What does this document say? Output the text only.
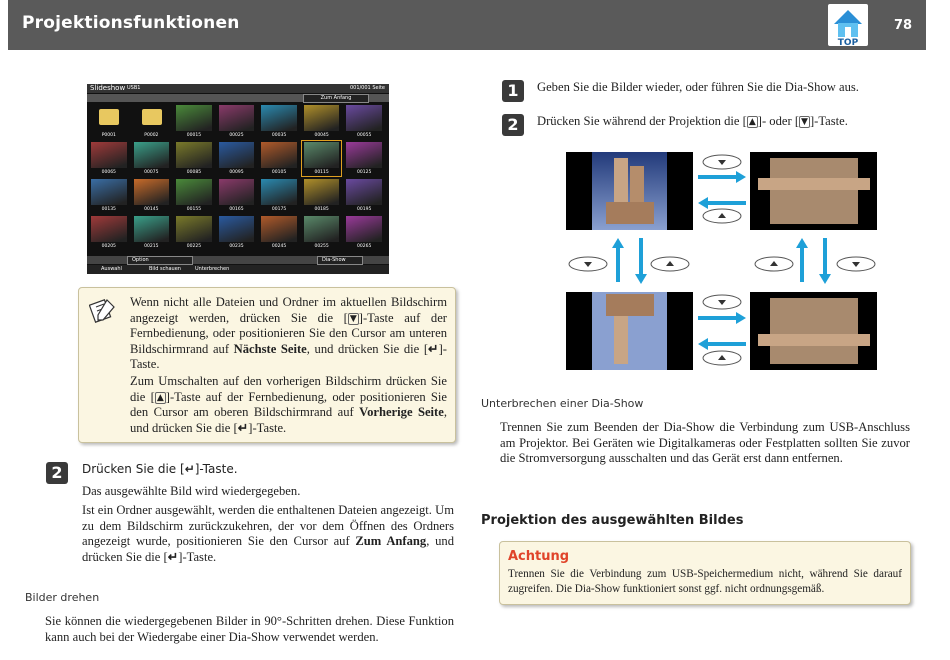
Projektionsfunktionen
TOP
78
Slideshow USB1	001/001 Seite
Zum Anfang
P0001	P0002	00015	00025	00035	00045	00055
00065	00075	00085	00095	00105	00115	00125
00135	00145	00155	00165	00175	00185	00195
00205	00215	00225	00235	00245	00255	00265
Option	Dia-Show
Auswahl	Bild schauen	Unterbrechen
Wenn nicht alle Dateien und Ordner im aktuellen Bildschirm angezeigt werden, drücken Sie die [ ▼ ]-Taste auf der Fernbedienung, oder positionieren Sie den Cursor am unteren Bildschirmrand auf Nächste Seite, und drücken Sie die [↵]-Taste.
Zum Umschalten auf den vorherigen Bildschirm drücken Sie die [ ▲ ]-Taste auf der Fernbedienung, oder positionieren Sie den Cursor am oberen Bildschirmrand auf Vorherige Seite, und drücken Sie die [↵]-Taste.
2	Drücken Sie die [↵]-Taste.
Das ausgewählte Bild wird wiedergegeben.
Ist ein Ordner ausgewählt, werden die enthaltenen Dateien angezeigt. Um zu dem Bildschirm zurückzukehren, der vor dem Öffnen des Ordners angezeigt wurde, positionieren Sie den Cursor auf Zum Anfang, und drücken Sie die [↵]-Taste.
Bilder drehen
Sie können die wiedergegebenen Bilder in 90°-Schritten drehen. Diese Funktion kann auch bei der Wiedergabe einer Dia-Show verwendet werden.
1	Geben Sie die Bilder wieder, oder führen Sie die Dia-Show aus.
2	Drücken Sie während der Projektion die [ ▲ ]- oder [ ▼ ]-Taste.
Unterbrechen einer Dia-Show
Trennen Sie zum Beenden der Dia-Show die Verbindung zum USB-Anschluss am Projektor. Bei Geräten wie Digitalkameras oder Festplatten sollten Sie zuvor die Stromversorgung ausschalten und das Gerät erst dann entfernen.
Projektion des ausgewählten Bildes
Achtung
Trennen Sie die Verbindung zum USB-Speichermedium nicht, während Sie darauf zugreifen. Die Dia-Show funktioniert sonst ggf. nicht ordnungsgemäß.
